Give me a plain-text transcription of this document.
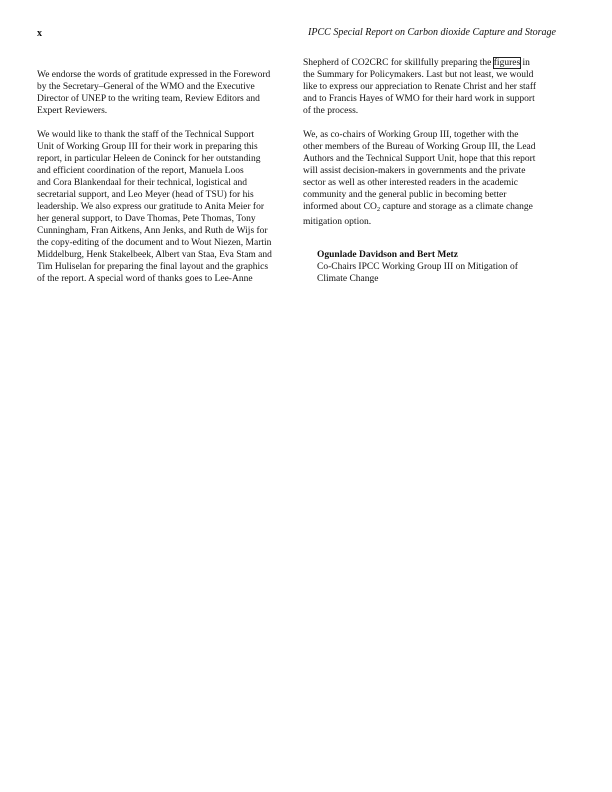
x	IPCC Special Report on Carbon dioxide Capture and Storage

We endorse the words of gratitude expressed in the Foreword
by the Secretary–General of the WMO and the Executive
Director of UNEP to the writing team, Review Editors and
Expert Reviewers.

We would like to thank the staff of the Technical Support
Unit of Working Group III for their work in preparing this
report, in particular Heleen de Coninck for her outstanding
and efficient coordination of the report, Manuela Loos
and Cora Blankendaal for their technical, logistical and
secretarial support, and Leo Meyer (head of TSU) for his
leadership. We also express our gratitude to Anita Meier for
her general support, to Dave Thomas, Pete Thomas, Tony
Cunningham, Fran Aitkens, Ann Jenks, and Ruth de Wijs for
the copy-editing of the document and to Wout Niezen, Martin
Middelburg, Henk Stakelbeek, Albert van Staa, Eva Stam and
Tim Huliselan for preparing the final layout and the graphics
of the report. A special word of thanks goes to Lee-Anne

Shepherd of CO2CRC for skillfully preparing the figures in
the Summary for Policymakers. Last but not least, we would
like to express our appreciation to Renate Christ and her staff
and to Francis Hayes of WMO for their hard work in support
of the process.

We, as co-chairs of Working Group III, together with the
other members of the Bureau of Working Group III, the Lead
Authors and the Technical Support Unit, hope that this report
will assist decision-makers in governments and the private
sector as well as other interested readers in the academic
community and the general public in becoming better
informed about $CO_2$ capture and storage as a climate change
mitigation option.

Ogunlade Davidson and Bert Metz
Co-Chairs IPCC Working Group III on Mitigation of
Climate Change
